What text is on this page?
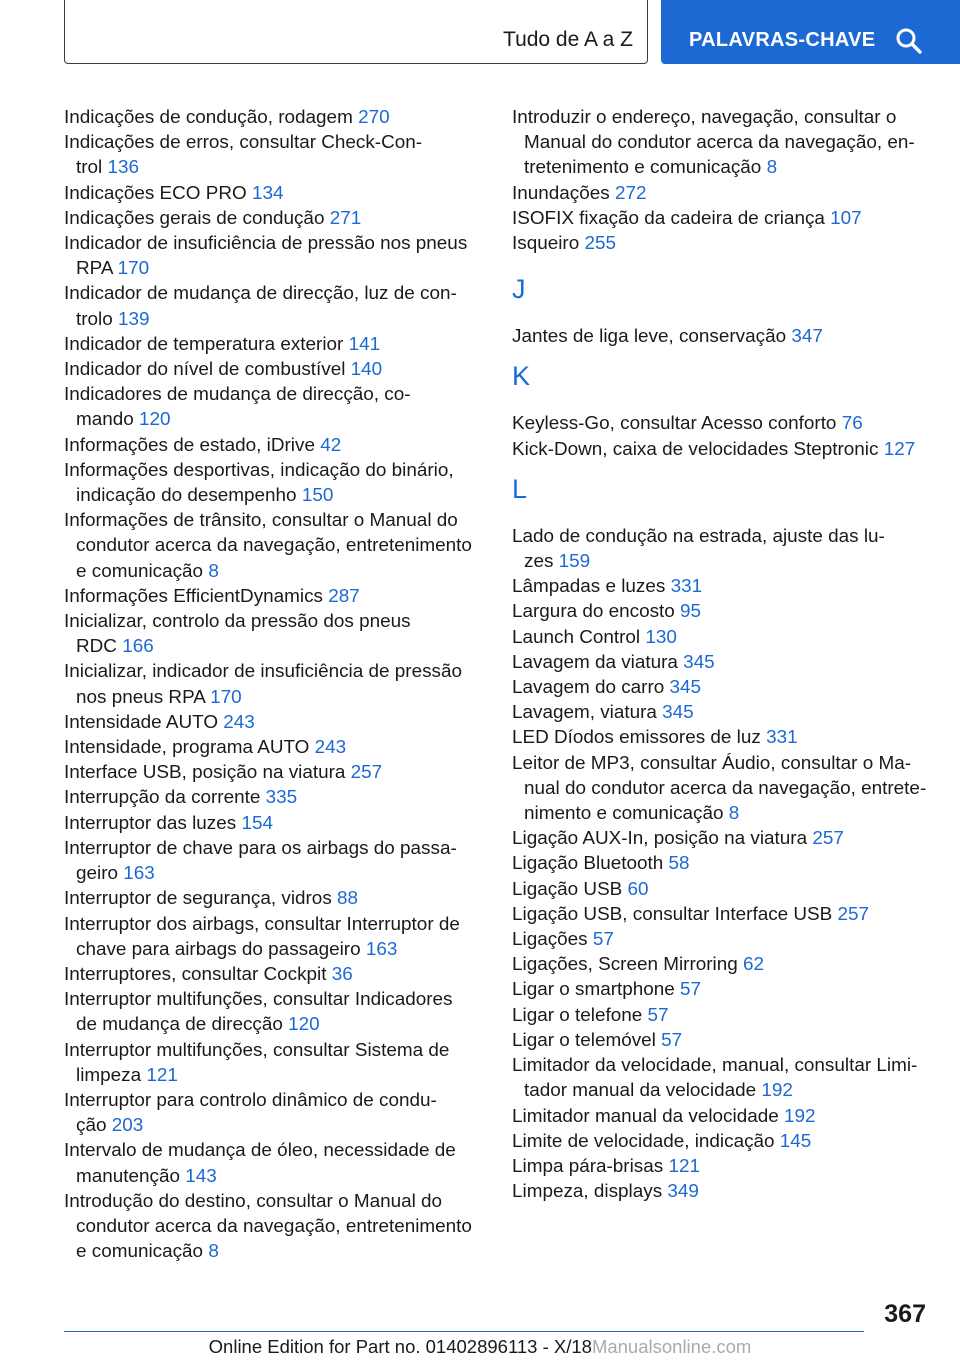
Tudo de A a Z	PALAVRAS-CHAVE
Indicações de condução, rodagem 270
Indicações de erros, consultar Check-Con-
trol 136
Indicações ECO PRO 134
Indicações gerais de condução 271
Indicador de insuficiência de pressão nos pneus
RPA 170
Indicador de mudança de direcção, luz de con-
trolo 139
Indicador de temperatura exterior 141
Indicador do nível de combustível 140
Indicadores de mudança de direcção, co-
mando 120
Informações de estado, iDrive 42
Informações desportivas, indicação do binário,
indicação do desempenho 150
Informações de trânsito, consultar o Manual do
condutor acerca da navegação, entretenimento
e comunicação 8
Informações EfficientDynamics 287
Inicializar, controlo da pressão dos pneus
RDC 166
Inicializar, indicador de insuficiência de pressão
nos pneus RPA 170
Intensidade AUTO 243
Intensidade, programa AUTO 243
Interface USB, posição na viatura 257
Interrupção da corrente 335
Interruptor das luzes 154
Interruptor de chave para os airbags do passa-
geiro 163
Interruptor de segurança, vidros 88
Interruptor dos airbags, consultar Interruptor de
chave para airbags do passageiro 163
Interruptores, consultar Cockpit 36
Interruptor multifunções, consultar Indicadores
de mudança de direcção 120
Interruptor multifunções, consultar Sistema de
limpeza 121
Interruptor para controlo dinâmico de condu-
ção 203
Intervalo de mudança de óleo, necessidade de
manutenção 143
Introdução do destino, consultar o Manual do
condutor acerca da navegação, entretenimento
e comunicação 8
Introduzir o endereço, navegação, consultar o
Manual do condutor acerca da navegação, en-
tretenimento e comunicação 8
Inundações 272
ISOFIX fixação da cadeira de criança 107
Isqueiro 255
J
Jantes de liga leve, conservação 347
K
Keyless-Go, consultar Acesso conforto 76
Kick-Down, caixa de velocidades Steptronic 127
L
Lado de condução na estrada, ajuste das lu-
zes 159
Lâmpadas e luzes 331
Largura do encosto 95
Launch Control 130
Lavagem da viatura 345
Lavagem do carro 345
Lavagem, viatura 345
LED Díodos emissores de luz 331
Leitor de MP3, consultar Áudio, consultar o Ma-
nual do condutor acerca da navegação, entrete-
nimento e comunicação 8
Ligação AUX-In, posição na viatura 257
Ligação Bluetooth 58
Ligação USB 60
Ligação USB, consultar Interface USB 257
Ligações 57
Ligações, Screen Mirroring 62
Ligar o smartphone 57
Ligar o telefone 57
Ligar o telemóvel 57
Limitador da velocidade, manual, consultar Limi-
tador manual da velocidade 192
Limitador manual da velocidade 192
Limite de velocidade, indicação 145
Limpa pára-brisas 121
Limpeza, displays 349
367
Online Edition for Part no. 01402896113 - X/18Manualsonline.com
